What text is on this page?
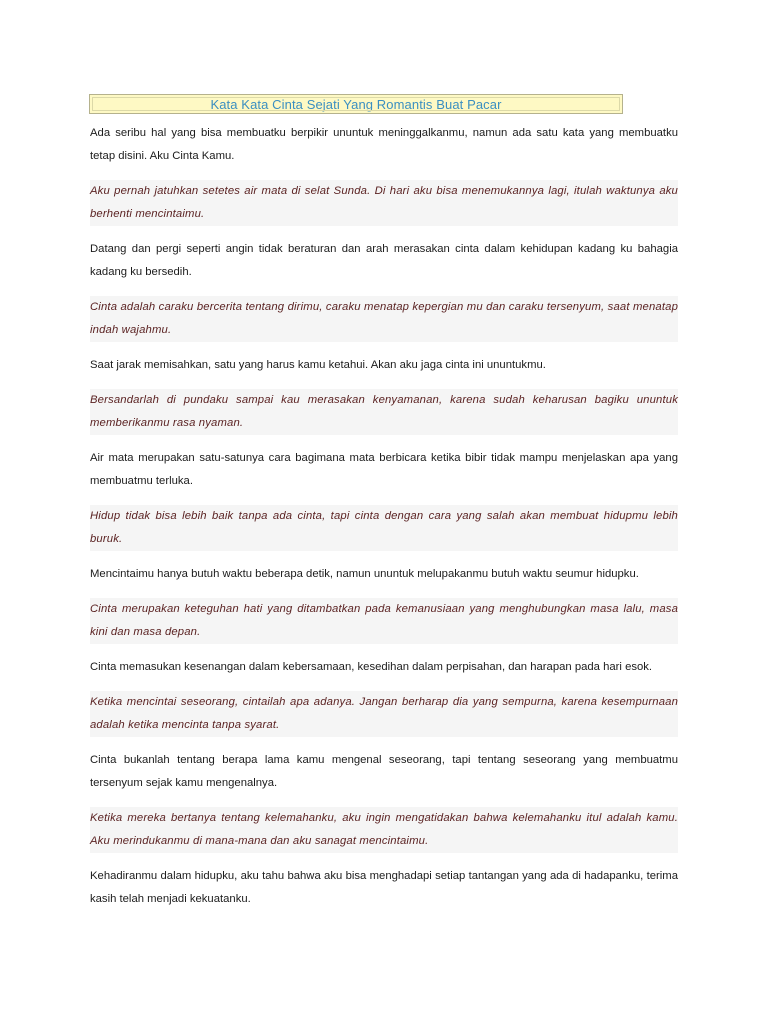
Kata Kata Cinta Sejati Yang Romantis Buat Pacar

Ada seribu hal yang bisa membuatku berpikir ununtuk meninggalkanmu, namun ada satu kata yang membuatku tetap disini. Aku Cinta Kamu.

Aku pernah jatuhkan setetes air mata di selat Sunda. Di hari aku bisa menemukannya lagi, itulah waktunya aku berhenti mencintaimu.

Datang dan pergi seperti angin tidak beraturan dan arah merasakan cinta dalam kehidupan kadang ku bahagia kadang ku bersedih.

Cinta adalah caraku bercerita tentang dirimu, caraku menatap kepergian mu dan caraku tersenyum, saat menatap indah wajahmu.

Saat jarak memisahkan, satu yang harus kamu ketahui. Akan aku jaga cinta ini ununtukmu.

Bersandarlah di pundaku sampai kau merasakan kenyamanan, karena sudah keharusan bagiku ununtuk memberikanmu rasa nyaman.

Air mata merupakan satu-satunya cara bagimana mata berbicara ketika bibir tidak mampu menjelaskan apa yang membuatmu terluka.

Hidup tidak bisa lebih baik tanpa ada cinta, tapi cinta dengan cara yang salah akan membuat hidupmu lebih buruk.

Mencintaimu hanya butuh waktu beberapa detik, namun ununtuk melupakanmu butuh waktu seumur hidupku.

Cinta merupakan keteguhan hati yang ditambatkan pada kemanusiaan yang menghubungkan masa lalu, masa kini dan masa depan.

Cinta memasukan kesenangan dalam kebersamaan, kesedihan dalam perpisahan, dan harapan pada hari esok.

Ketika mencintai seseorang, cintailah apa adanya. Jangan berharap dia yang sempurna, karena kesempurnaan adalah ketika mencinta tanpa syarat.

Cinta bukanlah tentang berapa lama kamu mengenal seseorang, tapi tentang seseorang yang membuatmu tersenyum sejak kamu mengenalnya.

Ketika mereka bertanya tentang kelemahanku, aku ingin mengatidakan bahwa kelemahanku itul adalah kamu. Aku merindukanmu di mana-mana dan aku sanagat mencintaimu.

Kehadiranmu dalam hidupku, aku tahu bahwa aku bisa menghadapi setiap tantangan yang ada di hadapanku, terima kasih telah menjadi kekuatanku.
